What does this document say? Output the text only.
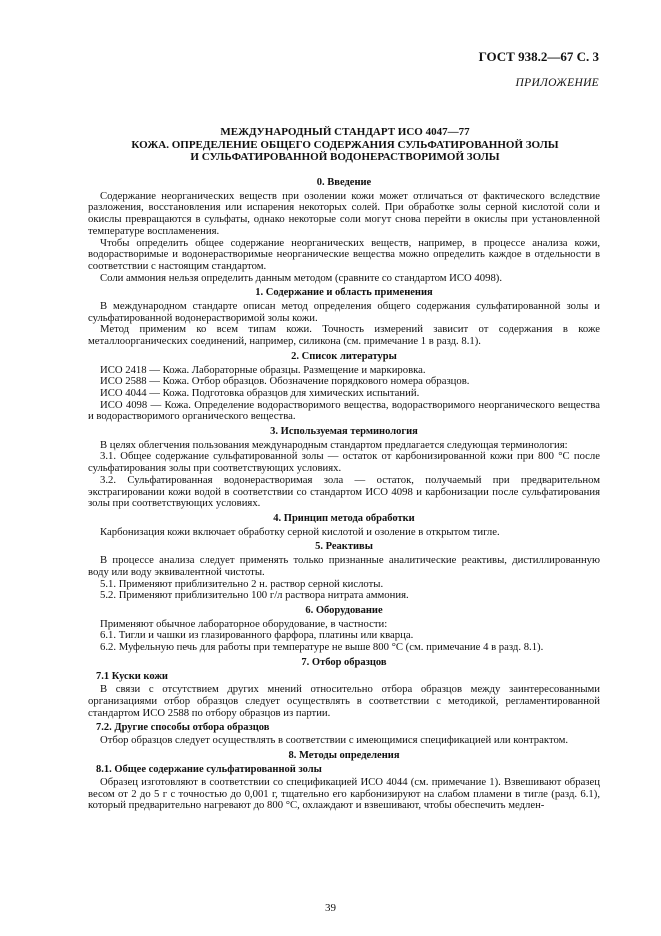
ГОСТ 938.2—67 С. 3
ПРИЛОЖЕНИЕ
МЕЖДУНАРОДНЫЙ СТАНДАРТ ИСО 4047—77
КОЖА. ОПРЕДЕЛЕНИЕ ОБЩЕГО СОДЕРЖАНИЯ СУЛЬФАТИРОВАННОЙ ЗОЛЫ
И СУЛЬФАТИРОВАННОЙ ВОДОНЕРАСТВОРИМОЙ ЗОЛЫ
0. Введение

Содержание неорганических веществ при озолении кожи может отличаться от фактического вследствие разложения, восстановления или испарения некоторых солей. При обработке золы серной кислотой соли и окислы превращаются в сульфаты, однако некоторые соли могут снова перейти в окислы при установленной температуре воспламенения.

Чтобы определить общее содержание неорганических веществ, например, в процессе анализа кожи, водорастворимые и водонерастворимые неорганические вещества можно определить каждое в отдельности в соответствии с настоящим стандартом.

Соли аммония нельзя определить данным методом (сравните со стандартом ИСО 4098).

1. Содержание и область применения

В международном стандарте описан метод определения общего содержания сульфатированной золы и сульфатированной водонерастворимой золы кожи.

Метод применим ко всем типам кожи. Точность измерений зависит от содержания в коже металлоорганических соединений, например, силикона (см. примечание 1 в разд. 8.1).

2. Список литературы

ИСО 2418 — Кожа. Лабораторные образцы. Размещение и маркировка.

ИСО 2588 — Кожа. Отбор образцов. Обозначение порядкового номера образцов.

ИСО 4044 — Кожа. Подготовка образцов для химических испытаний.

ИСО 4098 — Кожа. Определение водорастворимого вещества, водорастворимого неорганического вещества и водорастворимого органического вещества.

3. Используемая терминология

В целях облегчения пользования международным стандартом предлагается следующая терминология:

3.1. Общее содержание сульфатированной золы — остаток от карбонизированной кожи при 800 °С после сульфатирования золы при соответствующих условиях.

3.2. Сульфатированная водонерастворимая зола — остаток, получаемый при предварительном экстрагировании кожи водой в соответствии со стандартом ИСО 4098 и карбонизации после сульфатирования золы при соответствующих условиях.

4. Принцип метода обработки

Карбонизация кожи включает обработку серной кислотой и озоление в открытом тигле.

5. Реактивы

В процессе анализа следует применять только признанные аналитические реактивы, дистиллированную воду или воду эквивалентной чистоты.

5.1. Применяют приблизительно 2 н. раствор серной кислоты.

5.2. Применяют приблизительно 100 г/л раствора нитрата аммония.

6. Оборудование

Применяют обычное лабораторное оборудование, в частности:

6.1. Тигли и чашки из глазированного фарфора, платины или кварца.

6.2. Муфельную печь для работы при температуре не выше 800 °С (см. примечание 4 в разд. 8.1).

7. Отбор образцов
7.1 Куски кожи

В связи с отсутствием других мнений относительно отбора образцов между заинтересованными организациями отбор образцов следует осуществлять в соответствии с методикой, регламентированной стандартом ИСО 2588 по отбору образцов из партии.

7.2. Другие способы отбора образцов

Отбор образцов следует осуществлять в соответствии с имеющимися спецификацией или контрактом.

8. Методы определения
8.1. Общее содержание сульфатированной золы

Образец изготовляют в соответствии со спецификацией ИСО 4044 (см. примечание 1). Взвешивают образец весом от 2 до 5 г с точностью до 0,001 г, тщательно его карбонизируют на слабом пламени в тигле (разд. 6.1), который предварительно нагревают до 800 °С, охлаждают и взвешивают, чтобы обеспечить медлен-

39
